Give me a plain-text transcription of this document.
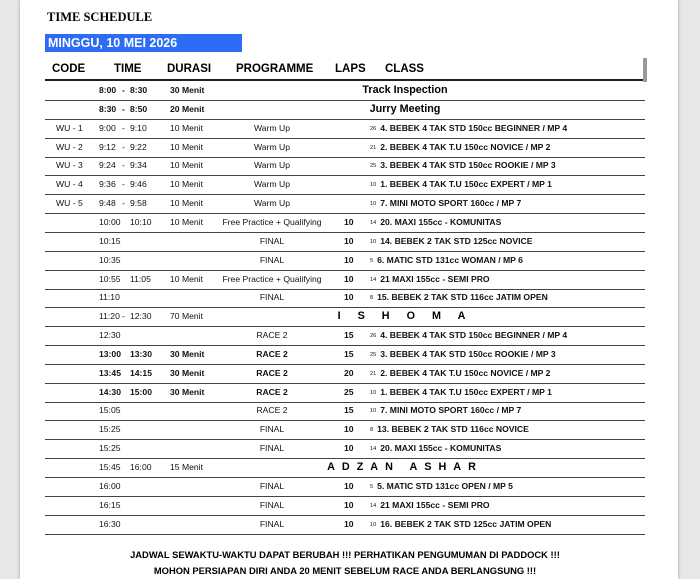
TIME SCHEDULE
MINGGU, 10 MEI 2026
CODE	TIME DURASI PROGRAMME LAPS CLASS
8:00 - 8:30	30 Menit	Track Inspection
8:30 - 8:50	20 Menit	Jurry Meeting
WU - 1 9:00 - 9:10	10 Menit	Warm Up	26 4. BEBEK 4 TAK STD 150cc BEGINNER / MP 4
WU - 2 9:12 - 9:22	10 Menit	Warm Up	21 2. BEBEK 4 TAK T.U 150cc NOVICE / MP 2
WU - 3 9:24 - 9:34	10 Menit	Warm Up	25 3. BEBEK 4 TAK STD 150cc ROOKIE / MP 3
WU - 4 9:36 - 9:46	10 Menit	Warm Up	10 1. BEBEK 4 TAK T.U 150cc EXPERT / MP 1
WU - 5 9:48 - 9:58	10 Menit	Warm Up	10 7. MINI MOTO SPORT 160cc / MP 7
10:00 10:10 10 Menit	Free Practice + Qualifying	10	14 20. MAXI 155cc - KOMUNITAS
10:15	FINAL	10	10 14. BEBEK 2 TAK STD 125cc NOVICE
10:35	FINAL	10	5 6. MATIC STD 131cc WOMAN / MP 6
10:55 11:05 10 Menit	Free Practice + Qualifying	10	14 21 MAXI 155cc - SEMI PRO
11:10	FINAL	10	8 15. BEBEK 2 TAK STD 116cc JATIM OPEN
11:20 - 12:30 70 Menit	I S H O M A
12:30	RACE 2	15	26 4. BEBEK 4 TAK STD 150cc BEGINNER / MP 4
13:00 13:30 30 Menit	RACE 2	15	25 3. BEBEK 4 TAK STD 150cc ROOKIE / MP 3
13:45 14:15 30 Menit	RACE 2	20	21 2. BEBEK 4 TAK T.U 150cc NOVICE / MP 2
14:30 15:00 30 Menit	RACE 2	25	10 1. BEBEK 4 TAK T.U 150cc EXPERT / MP 1
15:05	RACE 2	15	10 7. MINI MOTO SPORT 160cc / MP 7
15:25	FINAL	10	8 13. BEBEK 2 TAK STD 116cc NOVICE
15:25	FINAL	10	14 20. MAXI 155cc - KOMUNITAS
15:45 16:00 15 Menit	ADZAN ASHAR
16:00	FINAL	10	5 5. MATIC STD 131cc OPEN / MP 5
16:15	FINAL	10	14 21 MAXI 155cc - SEMI PRO
16:30	FINAL	10	10 16. BEBEK 2 TAK STD 125cc JATIM OPEN
JADWAL SEWAKTU-WAKTU DAPAT BERUBAH !!! PERHATIKAN PENGUMUMAN DI PADDOCK !!!
MOHON PERSIAPAN DIRI ANDA 20 MENIT SEBELUM RACE ANDA BERLANGSUNG !!!
